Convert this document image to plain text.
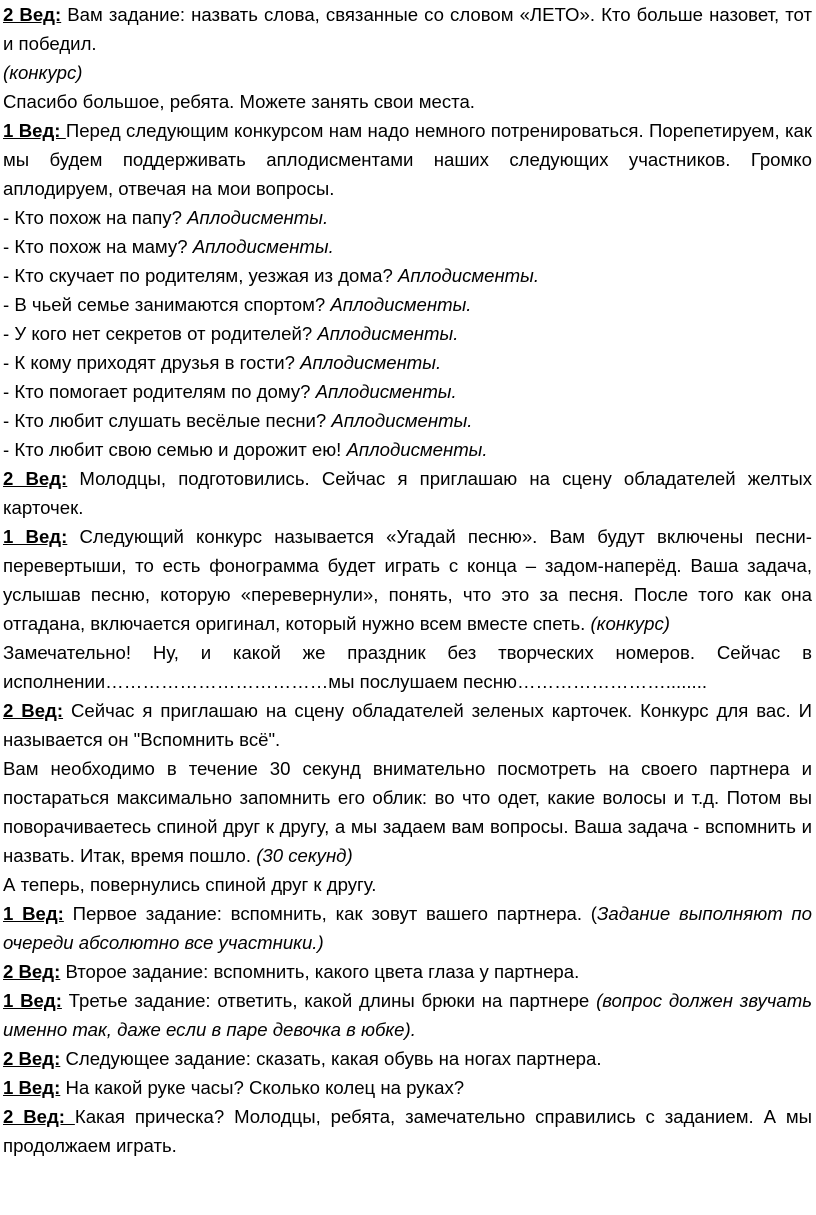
2 Вед: Вам задание: назвать слова, связанные со словом «ЛЕТО». Кто больше назовет, тот и победил.

(конкурс)

Спасибо большое, ребята. Можете занять свои места.

1 Вед: Перед следующим конкурсом нам надо немного потренироваться. Порепетируем, как мы будем поддерживать аплодисментами наших следующих участников. Громко аплодируем, отвечая на мои вопросы.

- Кто похож на папу? Аплодисменты.

- Кто похож на маму? Аплодисменты.

- Кто скучает по родителям, уезжая из дома? Аплодисменты.

- В чьей семье занимаются спортом? Аплодисменты.

- У кого нет секретов от родителей? Аплодисменты.

- К кому приходят друзья в гости? Аплодисменты.

- Кто помогает родителям по дому? Аплодисменты.

- Кто любит слушать весёлые песни? Аплодисменты.

- Кто любит свою семью и дорожит ею! Аплодисменты.

2 Вед: Молодцы, подготовились. Сейчас я приглашаю на сцену обладателей желтых карточек.

1 Вед: Следующий конкурс называется «Угадай песню». Вам будут включены песни-перевертыши, то есть фонограмма будет играть с конца – задом-наперёд. Ваша задача, услышав песню, которую «перевернули», понять, что это за песня. После того как она отгадана, включается оригинал, который нужно всем вместе спеть. (конкурс)

Замечательно! Ну, и какой же праздник без творческих номеров. Сейчас в исполнении………………………………мы послушаем песню……………………........

2 Вед: Сейчас я приглашаю на сцену обладателей зеленых карточек. Конкурс для вас. И называется он "Вспомнить всё".

Вам необходимо в течение 30 секунд внимательно посмотреть на своего партнера и постараться максимально запомнить его облик: во что одет, какие волосы и т.д. Потом вы поворачиваетесь спиной друг к другу, а мы задаем вам вопросы. Ваша задача - вспомнить и назвать. Итак, время пошло. (30 секунд)

А теперь, повернулись спиной друг к другу.

1 Вед: Первое задание: вспомнить, как зовут вашего партнера. (Задание выполняют по очереди абсолютно все участники.)

2 Вед: Второе задание: вспомнить, какого цвета глаза у партнера.

1 Вед: Третье задание: ответить, какой длины брюки на партнере (вопрос должен звучать именно так, даже если в паре девочка в юбке).

2 Вед: Следующее задание: сказать, какая обувь на ногах партнера.

1 Вед: На какой руке часы? Сколько колец на руках?

2 Вед: Какая прическа? Молодцы, ребята, замечательно справились с заданием. А мы продолжаем играть.
